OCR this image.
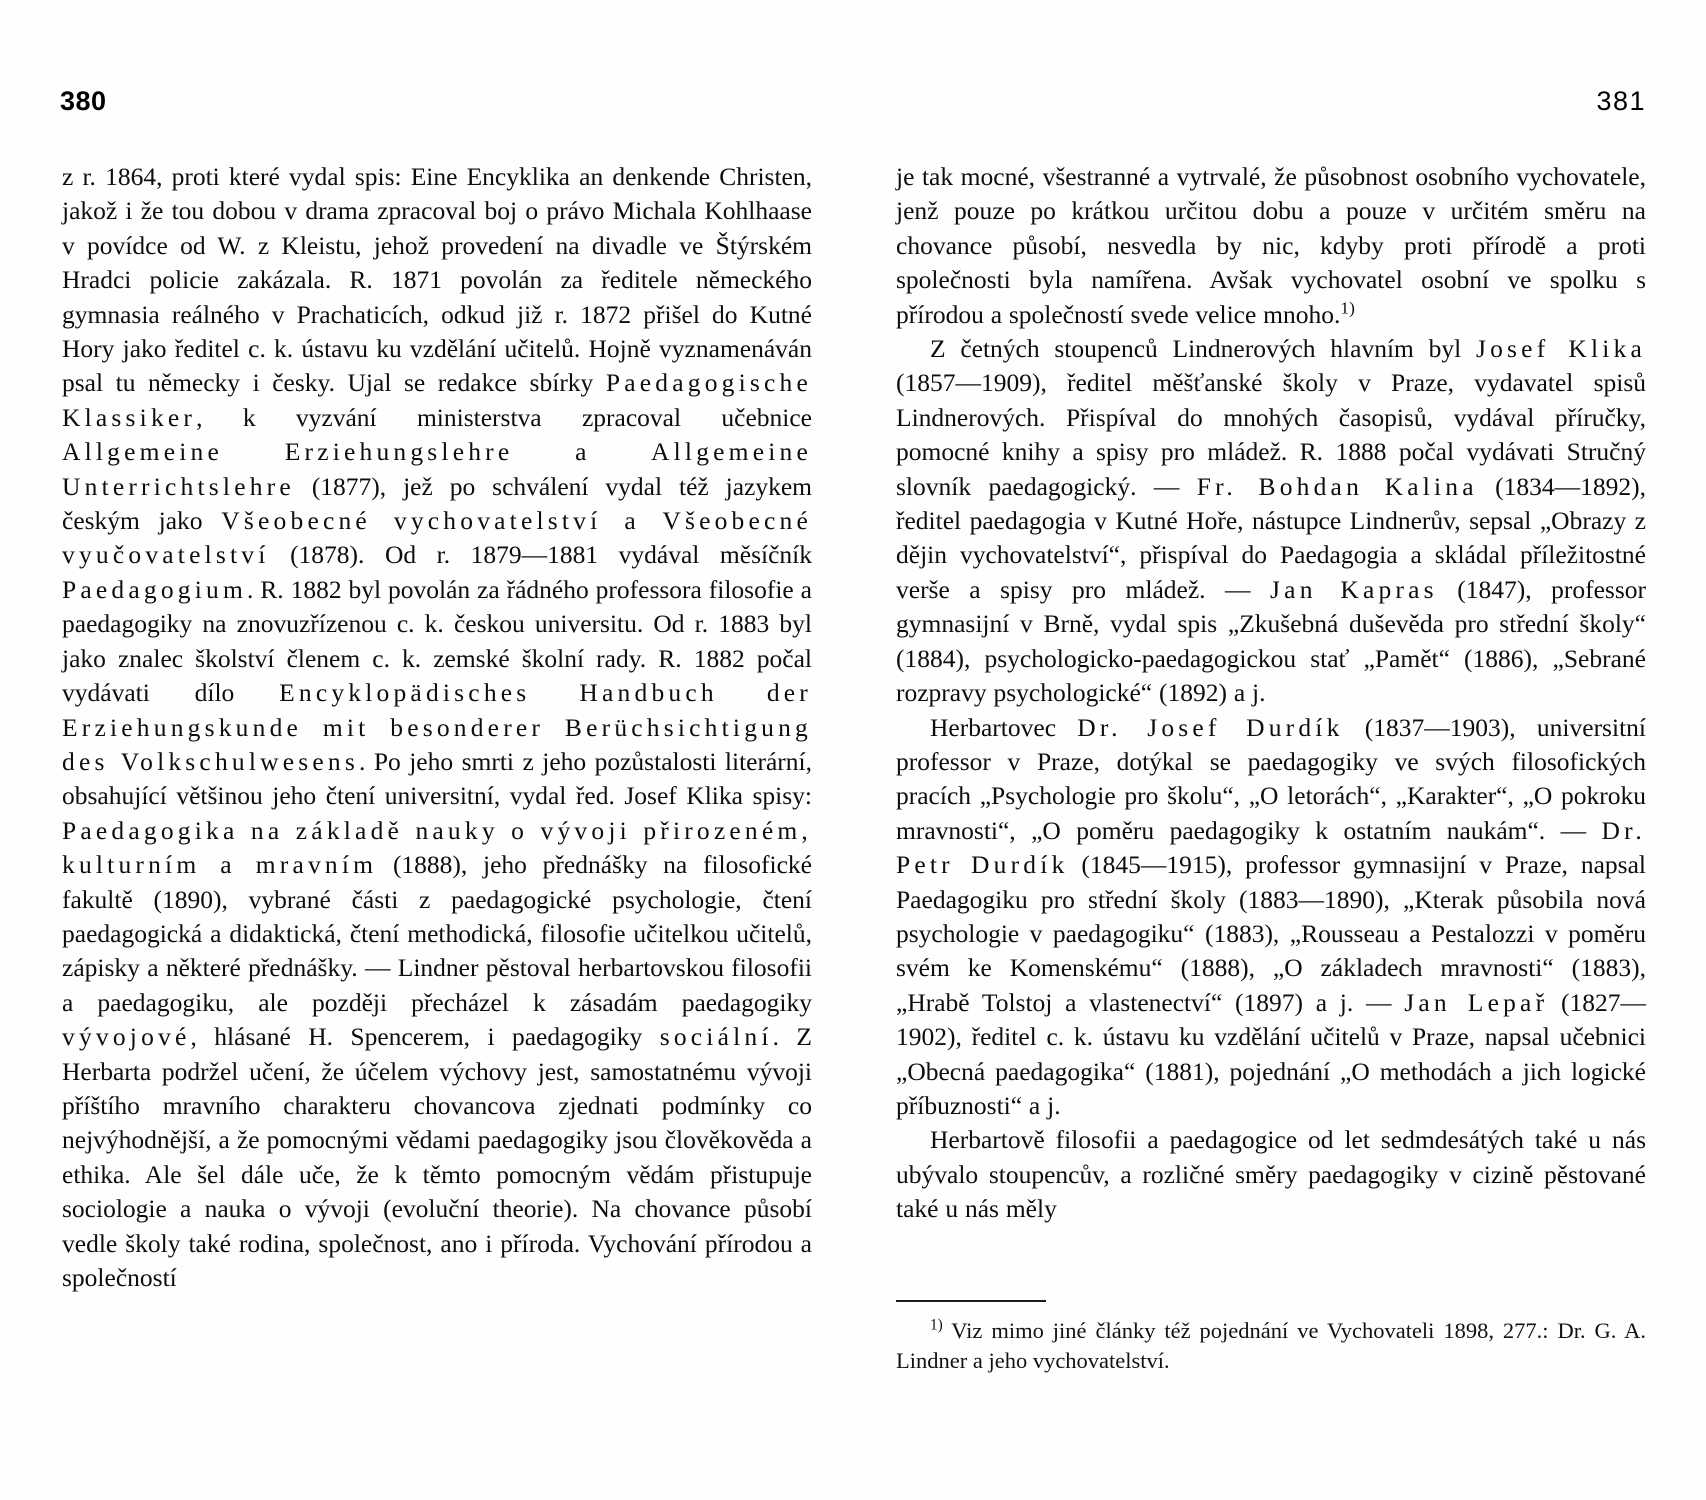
380	381

z r. 1864, proti které vydal spis: Eine Encyklika an denkende Christen, jakož i že tou dobou v drama zpracoval boj o právo Michala Kohlhaase v povídce od W. z Kleistu, jehož provedení na divadle ve Štýrském Hradci policie zakázala. R. 1871 povolán za ředitele německého gymnasia reálného v Prachaticích, odkud již r. 1872 přišel do Kutné Hory jako ředitel c. k. ústavu ku vzdělání učitelů. Hojně vyznamenáván psal tu německy i česky. Ujal se redakce sbírky Paedagogische Klassiker, k vyzvání ministerstva zpracoval učebnice Allgemeine Erziehungslehre a Allgemeine Unterrichtslehre (1877), jež po schválení vydal též jazykem českým jako Všeobecné vychovatelství a Všeobecné vyučovatelství (1878). Od r. 1879—1881 vydával měsíčník Paedagogium. R. 1882 byl povolán za řádného professora filosofie a paedagogiky na znovuzřízenou c. k. českou universitu. Od r. 1883 byl jako znalec školství členem c. k. zemské školní rady. R. 1882 počal vydávati dílo Encyklopädisches Handbuch der Erziehungskunde mit besonderer Berüchsichtigung des Volkschulwesens. Po jeho smrti z jeho pozůstalosti literární, obsahující většinou jeho čtení universitní, vydal řed. Josef Klika spisy: Paedagogika na základě nauky o vývoji přirozeném, kulturním a mravním (1888), jeho přednášky na filosofické fakultě (1890), vybrané části z paedagogické psychologie, čtení paedagogická a didaktická, čtení methodická, filosofie učitelkou učitelů, zápisky a některé přednášky. — Lindner pěstoval herbartovskou filosofii a paedagogiku, ale později přecházel k zásadám paedagogiky vývojové, hlásané H. Spencerem, i paedagogiky sociální. Z Herbarta podržel učení, že účelem výchovy jest, samostatnému vývoji příštího mravního charakteru chovancova zjednati podmínky co nejvýhodnější, a že pomocnými vědami paedagogiky jsou člověkověda a ethika. Ale šel dále uče, že k těmto pomocným vědám přistupuje sociologie a nauka o vývoji (evoluční theorie). Na chovance působí vedle školy také rodina, společnost, ano i příroda. Vychování přírodou a společností

je tak mocné, všestranné a vytrvalé, že působnost osobního vychovatele, jenž pouze po krátkou určitou dobu a pouze v určitém směru na chovance působí, nesvedla by nic, kdyby proti přírodě a proti společnosti byla namířena. Avšak vychovatel osobní ve spolku s přírodou a společností svede velice mnoho.$^{1)}$

Z četných stoupenců Lindnerových hlavním byl Josef Klika (1857—1909), ředitel měšťanské školy v Praze, vydavatel spisů Lindnerových. Přispíval do mnohých časopisů, vydával příručky, pomocné knihy a spisy pro mládež. R. 1888 počal vydávati Stručný slovník paedagogický. — Fr. Bohdan Kalina (1834—1892), ředitel paedagogia v Kutné Hoře, nástupce Lindnerův, sepsal „Obrazy z dějin vychovatelství“, přispíval do Paedagogia a skládal příležitostné verše a spisy pro mládež. — Jan Kapras (1847), professor gymnasijní v Brně, vydal spis „Zkušebná duševěda pro střední školy“ (1884), psychologicko-paedagogickou stať „Pamět“ (1886), „Sebrané rozpravy psychologické“ (1892) a j.

Herbartovec Dr. Josef Durdík (1837—1903), universitní professor v Praze, dotýkal se paedagogiky ve svých filosofických pracích „Psychologie pro školu“, „O letorách“, „Karakter“, „O pokroku mravnosti“, „O poměru paedagogiky k ostatním naukám“. — Dr. Petr Durdík (1845—1915), professor gymnasijní v Praze, napsal Paedagogiku pro střední školy (1883—1890), „Kterak působila nová psychologie v paedagogiku“ (1883), „Rousseau a Pestalozzi v poměru svém ke Komenskému“ (1888), „O základech mravnosti“ (1883), „Hrabě Tolstoj a vlastenectví“ (1897) a j. — Jan Lepař (1827—1902), ředitel c. k. ústavu ku vzdělání učitelů v Praze, napsal učebnici „Obecná paedagogika“ (1881), pojednání „O methodách a jich logické příbuznosti“ a j.

Herbartově filosofii a paedagogice od let sedmdesátých také u nás ubývalo stoupencův, a rozličné směry paedagogiky v cizině pěstované také u nás měly

$^{1)}$ Viz mimo jiné články též pojednání ve Vychovateli 1898, 277.: Dr. G. A. Lindner a jeho vychovatelství.
